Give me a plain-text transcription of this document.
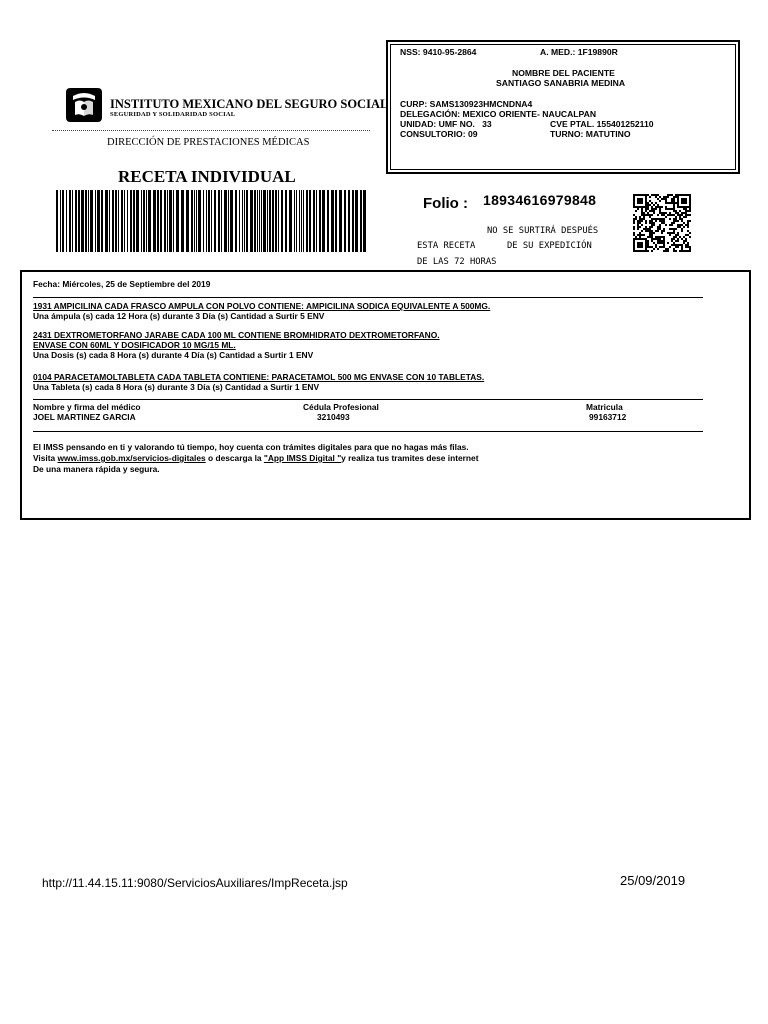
INSTITUTO MEXICANO DEL SEGURO SOCIAL
SEGURIDAD Y SOLIDARIDAD SOCIAL
DIRECCIÓN DE PRESTACIONES MÉDICAS
RECETA INDIVIDUAL
NSS: 9410-95-2864	A. MED.: 1F19890R
NOMBRE DEL PACIENTE
SANTIAGO SANABRIA MEDINA
CURP: SAMS130923HMCNDNA4
DELEGACIÓN: MEXICO ORIENTE- NAUCALPAN
UNIDAD: UMF NO.   33	CVE PTAL. 155401252110
CONSULTORIO: 09	TURNO: MATUTINO
Folio : 18934616979848
NO SE SURTIRÁ DESPUÉS
ESTA RECETA	DE SU EXPEDICIÓN
DE LAS 72 HORAS
Fecha: Miércoles, 25 de Septiembre del 2019
1931 AMPICILINA CADA FRASCO AMPULA CON POLVO CONTIENE: AMPICILINA SODICA EQUIVALENTE A 500MG.
Una ámpula (s) cada 12 Hora (s) durante 3 Día (s) Cantidad a Surtir 5 ENV
2431 DEXTROMETORFANO JARABE CADA 100 ML CONTIENE BROMHIDRATO DEXTROMETORFANO.
ENVASE CON 60ML Y DOSIFICADOR 10 MG/15 ML.
Una Dosis (s) cada 8 Hora (s) durante 4 Día (s) Cantidad a Surtir 1 ENV
0104 PARACETAMOLTABLETA CADA TABLETA CONTIENE: PARACETAMOL 500 MG ENVASE CON 10 TABLETAS.
Una Tableta (s) cada 8 Hora (s) durante 3 Día (s) Cantidad a Surtir 1 ENV
Nombre y firma del médico	Cédula Profesional	Matricula
JOEL MARTINEZ GARCIA	3210493	99163712
El IMSS pensando en ti y valorando tú tiempo, hoy cuenta con trámites digitales para que no hagas más filas.
Visita www.imss.gob.mx/servicios-digitales o descarga la "App IMSS Digital "y realiza tus tramites dese internet
De una manera rápida y segura.
http://11.44.15.11:9080/ServiciosAuxiliares/ImpReceta.jsp	25/09/2019
